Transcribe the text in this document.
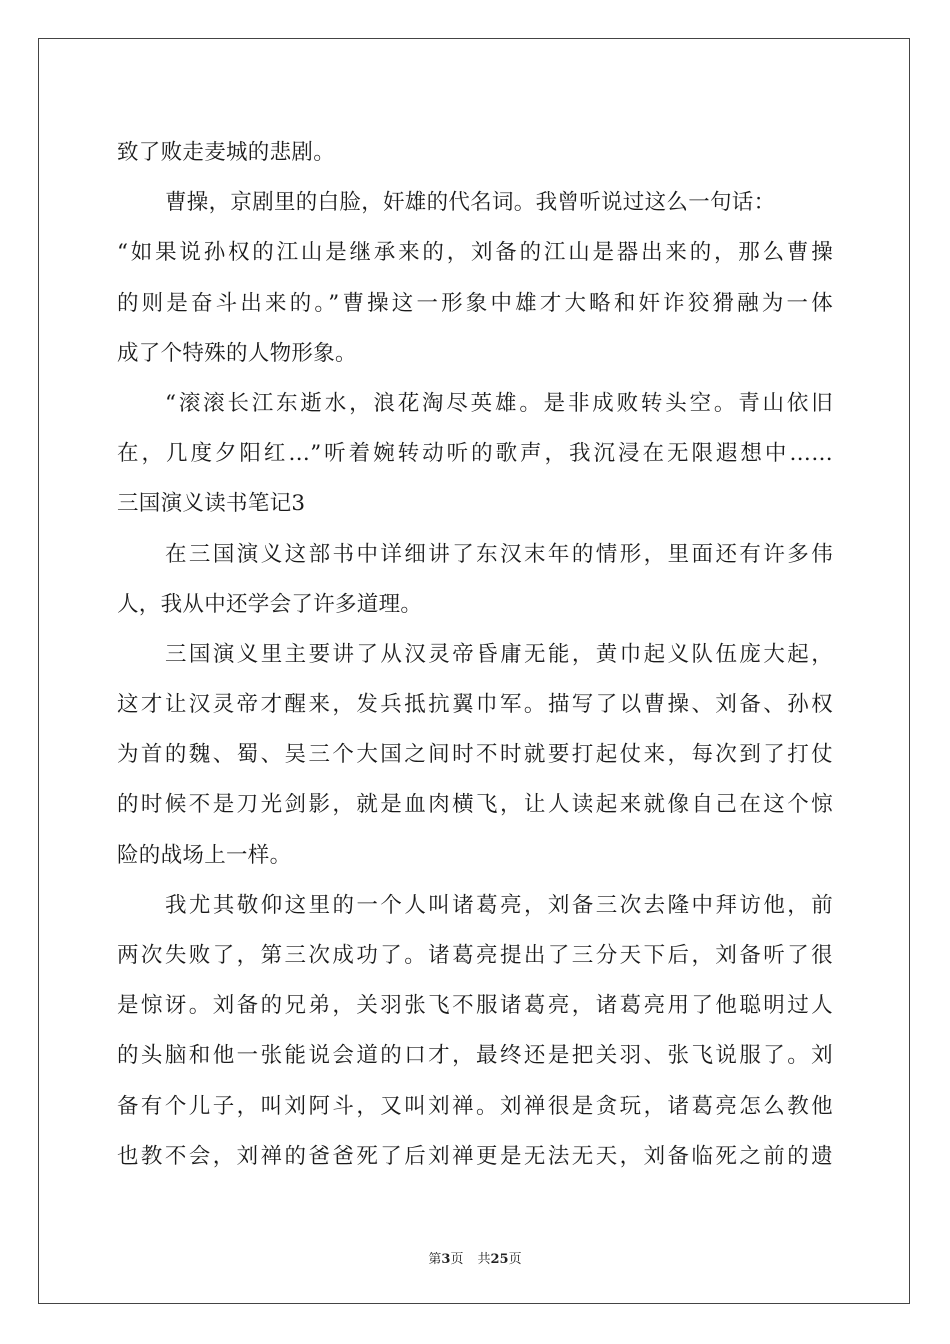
致了败走麦城的悲剧。
曹操，京剧里的白脸，奸雄的代名词。我曾听说过这么一句话：
“如果说孙权的江山是继承来的，刘备的江山是器出来的，那么曹操
的则是奋斗出来的。”曹操这一形象中雄才大略和奸诈狡猾融为一体
成了个特殊的人物形象。
“滚滚长江东逝水，浪花淘尽英雄。是非成败转头空。青山依旧
在，几度夕阳红…”听着婉转动听的歌声，我沉浸在无限遐想中……
三国演义读书笔记3
在三国演义这部书中详细讲了东汉末年的情形，里面还有许多伟
人，我从中还学会了许多道理。
三国演义里主要讲了从汉灵帝昏庸无能，黄巾起义队伍庞大起，
这才让汉灵帝才醒来，发兵抵抗翼巾军。描写了以曹操、刘备、孙权
为首的魏、蜀、吴三个大国之间时不时就要打起仗来，每次到了打仗
的时候不是刀光剑影，就是血肉横飞，让人读起来就像自己在这个惊
险的战场上一样。
我尤其敬仰这里的一个人叫诸葛亮，刘备三次去隆中拜访他，前
两次失败了，第三次成功了。诸葛亮提出了三分天下后，刘备听了很
是惊讶。刘备的兄弟，关羽张飞不服诸葛亮，诸葛亮用了他聪明过人
的头脑和他一张能说会道的口才，最终还是把关羽、张飞说服了。刘
备有个儿子，叫刘阿斗，又叫刘禅。刘禅很是贪玩，诸葛亮怎么教他
也教不会，刘禅的爸爸死了后刘禅更是无法无天，刘备临死之前的遗
第3页 共25页
